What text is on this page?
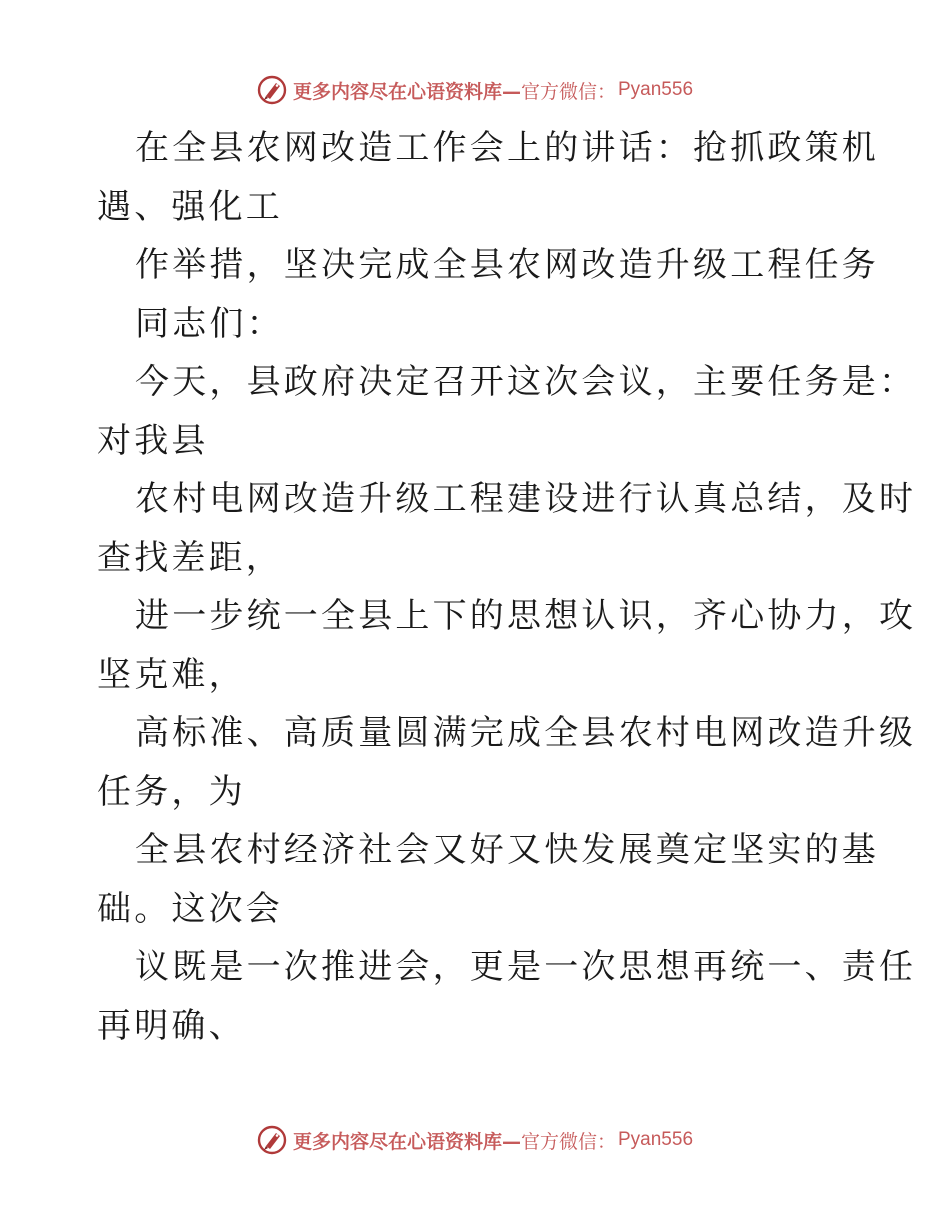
更多内容尽在心语资料库— 官方微信： Pyan556
在全县农网改造工作会上的讲话：抢抓政策机
遇、强化工
作举措，坚决完成全县农网改造升级工程任务
同志们：
今天，县政府决定召开这次会议，主要任务是：
对我县
农村电网改造升级工程建设进行认真总结，及时
查找差距，
进一步统一全县上下的思想认识，齐心协力，攻
坚克难，
高标准、高质量圆满完成全县农村电网改造升级
任务，为
全县农村经济社会又好又快发展奠定坚实的基
础。这次会
议既是一次推进会，更是一次思想再统一、责任
再明确、
更多内容尽在心语资料库— 官方微信： Pyan556
